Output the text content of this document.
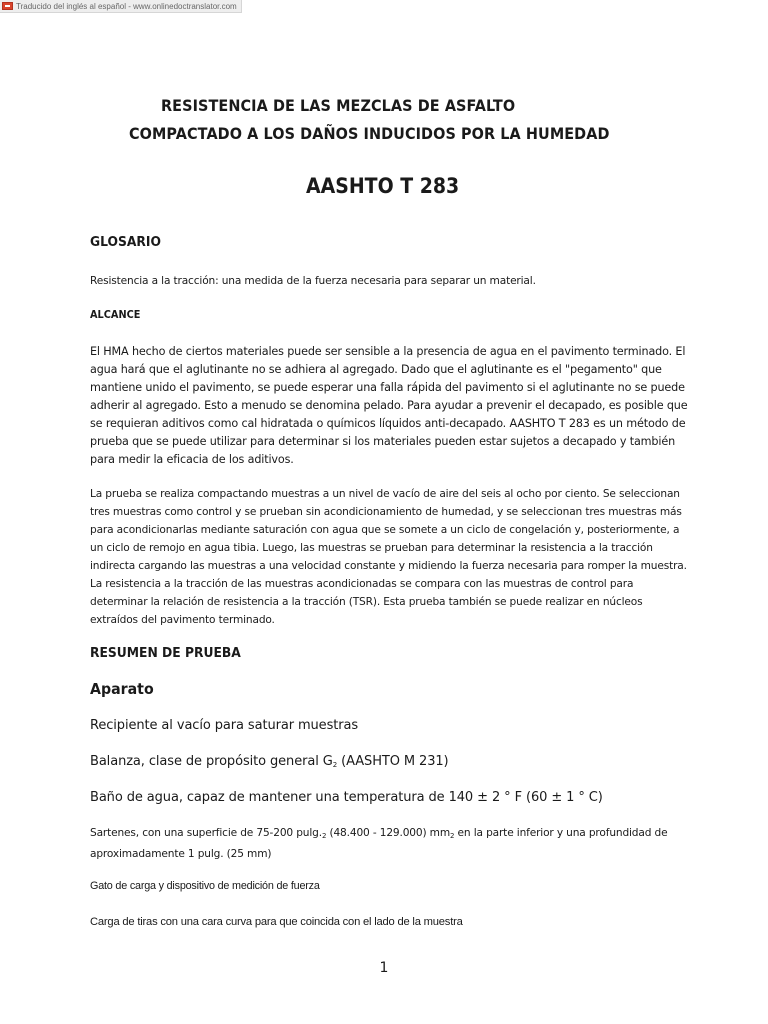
Traducido del inglés al español - www.onlinedoctranslator.com
RESISTENCIA DE LAS MEZCLAS DE ASFALTO
COMPACTADO A LOS DAÑOS INDUCIDOS POR LA HUMEDAD
AASHTO T 283
GLOSARIO
Resistencia a la tracción: una medida de la fuerza necesaria para separar un material.
ALCANCE
El HMA hecho de ciertos materiales puede ser sensible a la presencia de agua en el pavimento terminado. El agua hará que el aglutinante no se adhiera al agregado. Dado que el aglutinante es el "pegamento" que mantiene unido el pavimento, se puede esperar una falla rápida del pavimento si el aglutinante no se puede adherir al agregado. Esto a menudo se denomina pelado. Para ayudar a prevenir el decapado, es posible que se requieran aditivos como cal hidratada o químicos líquidos anti-decapado. AASHTO T 283 es un método de prueba que se puede utilizar para determinar si los materiales pueden estar sujetos a decapado y también para medir la eficacia de los aditivos.
La prueba se realiza compactando muestras a un nivel de vacío de aire del seis al ocho por ciento. Se seleccionan tres muestras como control y se prueban sin acondicionamiento de humedad, y se seleccionan tres muestras más para acondicionarlas mediante saturación con agua que se somete a un ciclo de congelación y, posteriormente, a un ciclo de remojo en agua tibia. Luego, las muestras se prueban para determinar la resistencia a la tracción indirecta cargando las muestras a una velocidad constante y midiendo la fuerza necesaria para romper la muestra. La resistencia a la tracción de las muestras acondicionadas se compara con las muestras de control para determinar la relación de resistencia a la tracción (TSR). Esta prueba también se puede realizar en núcleos extraídos del pavimento terminado.
RESUMEN DE PRUEBA
Aparato
Recipiente al vacío para saturar muestras
Balanza, clase de propósito general $G_2$ (AASHTO M 231)
Baño de agua, capaz de mantener una temperatura de 140 ± 2 ° F (60 ± 1 ° C)
Sartenes, con una superficie de 75-200 $pulg._2$ (48.400 - 129.000) $mm_2$ en la parte inferior y una profundidad de aproximadamente 1 pulg. (25 mm)
Gato de carga y dispositivo de medición de fuerza
Carga de tiras con una cara curva para que coincida con el lado de la muestra
1
